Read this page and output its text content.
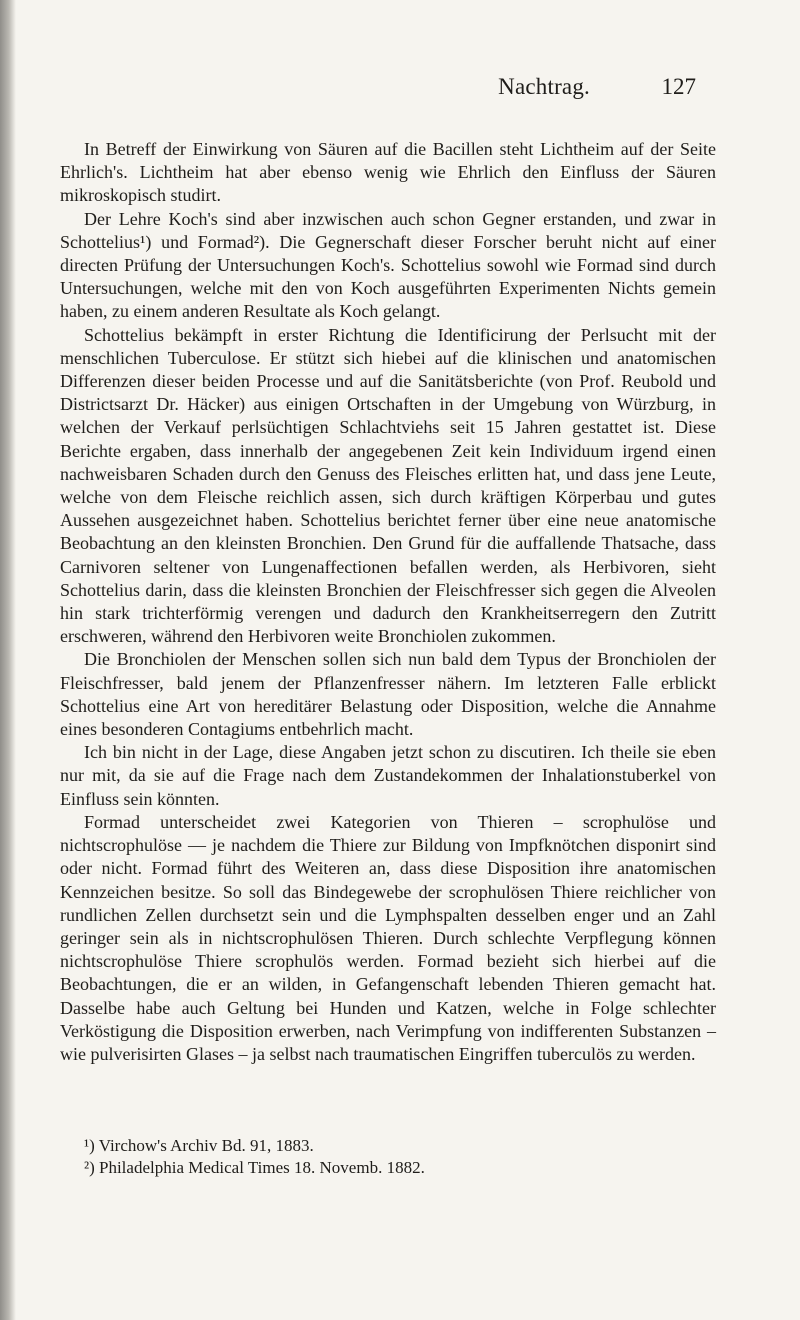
Nachtrag.	127

In Betreff der Einwirkung von Säuren auf die Bacillen steht Lichtheim auf der Seite Ehrlich's. Lichtheim hat aber ebenso wenig wie Ehrlich den Einfluss der Säuren mikroskopisch studirt.

Der Lehre Koch's sind aber inzwischen auch schon Gegner erstanden, und zwar in Schottelius¹) und Formad²). Die Gegnerschaft dieser Forscher beruht nicht auf einer directen Prüfung der Untersuchungen Koch's. Schottelius sowohl wie Formad sind durch Untersuchungen, welche mit den von Koch ausgeführten Experimenten Nichts gemein haben, zu einem anderen Resultate als Koch gelangt.

Schottelius bekämpft in erster Richtung die Identificirung der Perlsucht mit der menschlichen Tuberculose. Er stützt sich hiebei auf die klinischen und anatomischen Differenzen dieser beiden Processe und auf die Sanitätsberichte (von Prof. Reubold und Districtsarzt Dr. Häcker) aus einigen Ortschaften in der Umgebung von Würzburg, in welchen der Verkauf perlsüchtigen Schlachtviehs seit 15 Jahren gestattet ist. Diese Berichte ergaben, dass innerhalb der angegebenen Zeit kein Individuum irgend einen nachweisbaren Schaden durch den Genuss des Fleisches erlitten hat, und dass jene Leute, welche von dem Fleische reichlich assen, sich durch kräftigen Körperbau und gutes Aussehen ausgezeichnet haben. Schottelius berichtet ferner über eine neue anatomische Beobachtung an den kleinsten Bronchien. Den Grund für die auffallende Thatsache, dass Carnivoren seltener von Lungenaffectionen befallen werden, als Herbivoren, sieht Schottelius darin, dass die kleinsten Bronchien der Fleischfresser sich gegen die Alveolen hin stark trichterförmig verengen und dadurch den Krankheitserregern den Zutritt erschweren, während den Herbivoren weite Bronchiolen zukommen.

Die Bronchiolen der Menschen sollen sich nun bald dem Typus der Bronchiolen der Fleischfresser, bald jenem der Pflanzenfresser nähern. Im letzteren Falle erblickt Schottelius eine Art von hereditärer Belastung oder Disposition, welche die Annahme eines besonderen Contagiums entbehrlich macht.

Ich bin nicht in der Lage, diese Angaben jetzt schon zu discutiren. Ich theile sie eben nur mit, da sie auf die Frage nach dem Zustandekommen der Inhalationstuberkel von Einfluss sein könnten.

Formad unterscheidet zwei Kategorien von Thieren – scrophulöse und nichtscrophulöse — je nachdem die Thiere zur Bildung von Impfknötchen disponirt sind oder nicht. Formad führt des Weiteren an, dass diese Disposition ihre anatomischen Kennzeichen besitze. So soll das Bindegewebe der scrophulösen Thiere reichlicher von rundlichen Zellen durchsetzt sein und die Lymphspalten desselben enger und an Zahl geringer sein als in nichtscrophulösen Thieren. Durch schlechte Verpflegung können nichtscrophulöse Thiere scrophulös werden. Formad bezieht sich hierbei auf die Beobachtungen, die er an wilden, in Gefangenschaft lebenden Thieren gemacht hat. Dasselbe habe auch Geltung bei Hunden und Katzen, welche in Folge schlechter Verköstigung die Disposition erwerben, nach Verimpfung von indifferenten Substanzen – wie pulverisirten Glases – ja selbst nach traumatischen Eingriffen tuberculös zu werden.

¹) Virchow's Archiv Bd. 91, 1883.

²) Philadelphia Medical Times 18. Novemb. 1882.
